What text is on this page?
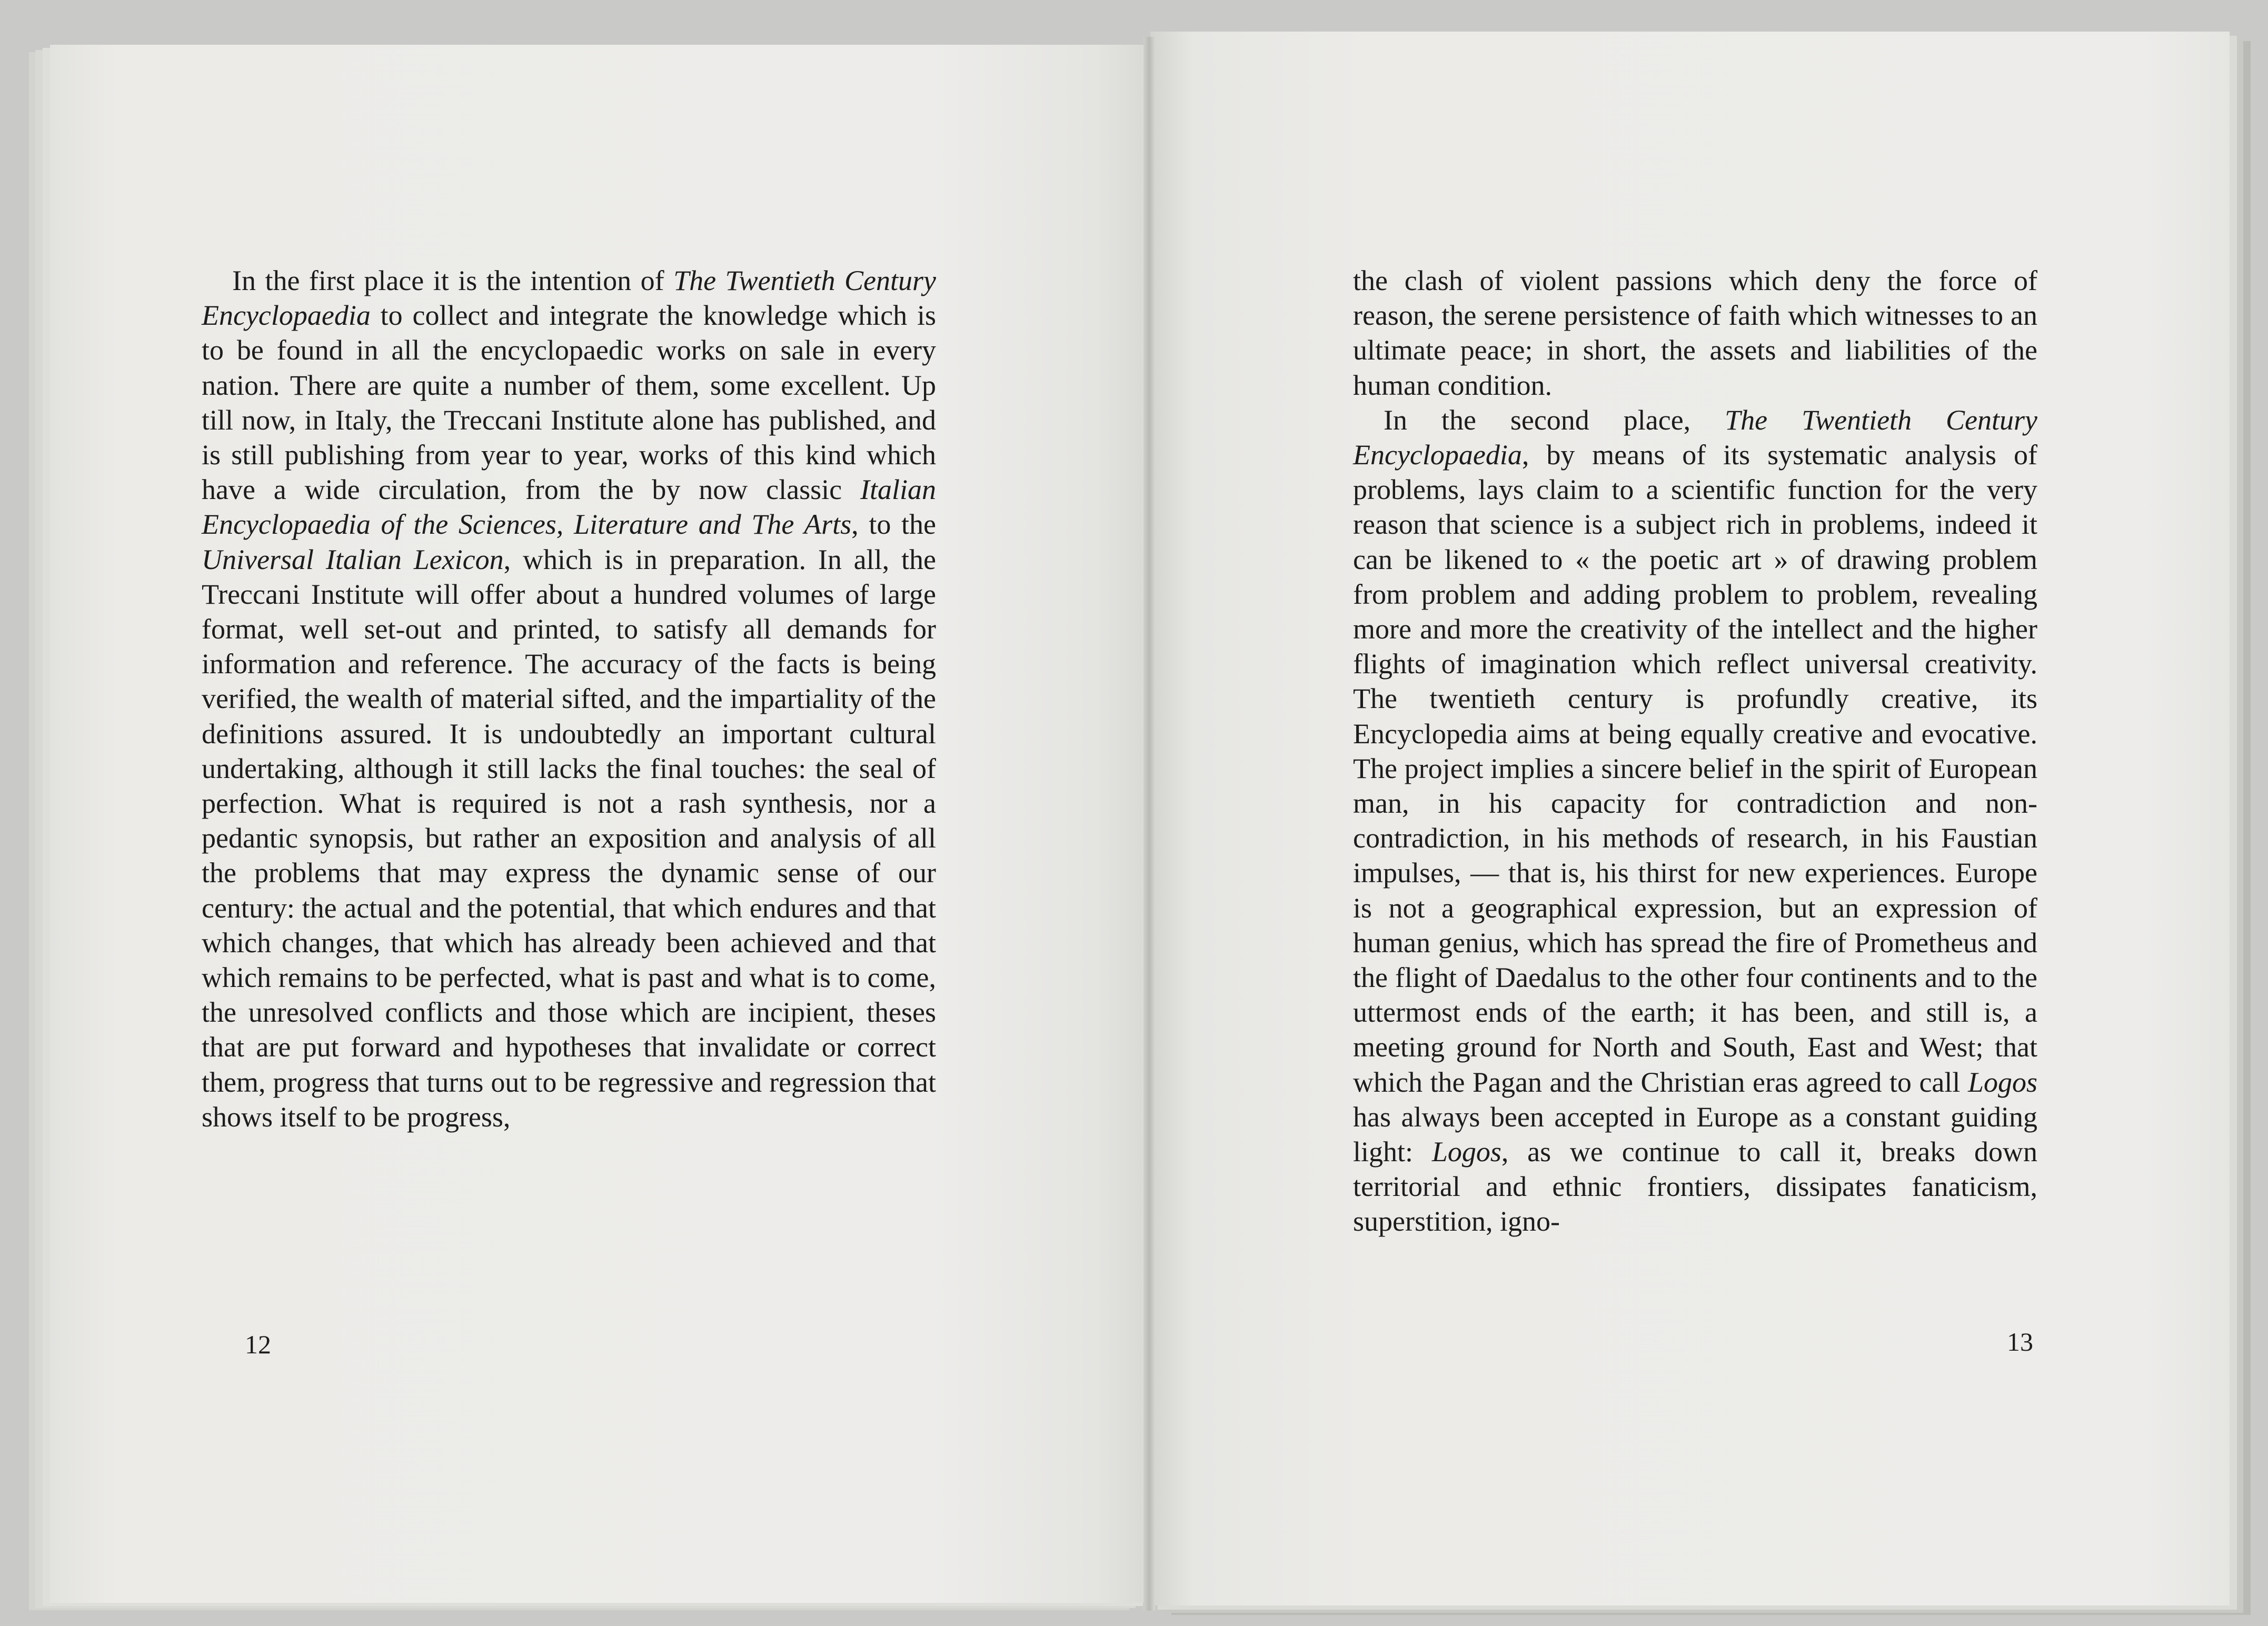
In the first place it is the intention of The Twentieth Century Encyclopaedia to collect and integrate the knowledge which is to be found in all the encyclopaedic works on sale in every nation. There are quite a number of them, some excellent. Up till now, in Italy, the Treccani Institute alone has published, and is still publishing from year to year, works of this kind which have a wide circulation, from the by now classic Italian Encyclopaedia of the Sciences, Literature and The Arts, to the Universal Italian Lexicon, which is in preparation. In all, the Treccani Institute will offer about a hundred volumes of large format, well set-out and printed, to satisfy all demands for information and reference. The accuracy of the facts is being verified, the wealth of material sifted, and the impartiality of the definitions assured. It is undoubtedly an important cultural undertaking, although it still lacks the final touches: the seal of perfection. What is required is not a rash synthesis, nor a pedantic synopsis, but rather an exposition and analysis of all the problems that may express the dynamic sense of our century: the actual and the potential, that which endures and that which changes, that which has already been achieved and that which remains to be perfected, what is past and what is to come, the unresolved conflicts and those which are incipient, theses that are put forward and hypotheses that invalidate or correct them, progress that turns out to be regressive and regression that shows itself to be progress,

12

the clash of violent passions which deny the force of reason, the serene persistence of faith which witnesses to an ultimate peace; in short, the assets and liabilities of the human condition.

In the second place, The Twentieth Century Encyclopaedia, by means of its systematic analysis of problems, lays claim to a scientific function for the very reason that science is a subject rich in problems, indeed it can be likened to « the poetic art » of drawing problem from problem and adding problem to problem, revealing more and more the creativity of the intellect and the higher flights of imagination which reflect universal creativity. The twentieth century is profundly creative, its Encyclopedia aims at being equally creative and evocative. The project implies a sincere belief in the spirit of European man, in his capacity for contradiction and non-contradiction, in his methods of research, in his Faustian impulses, — that is, his thirst for new experiences. Europe is not a geographical expression, but an expression of human genius, which has spread the fire of Prometheus and the flight of Daedalus to the other four continents and to the uttermost ends of the earth; it has been, and still is, a meeting ground for North and South, East and West; that which the Pagan and the Christian eras agreed to call Logos has always been accepted in Europe as a constant guiding light: Logos, as we continue to call it, breaks down territorial and ethnic frontiers, dissipates fanaticism, superstition, igno-

13
